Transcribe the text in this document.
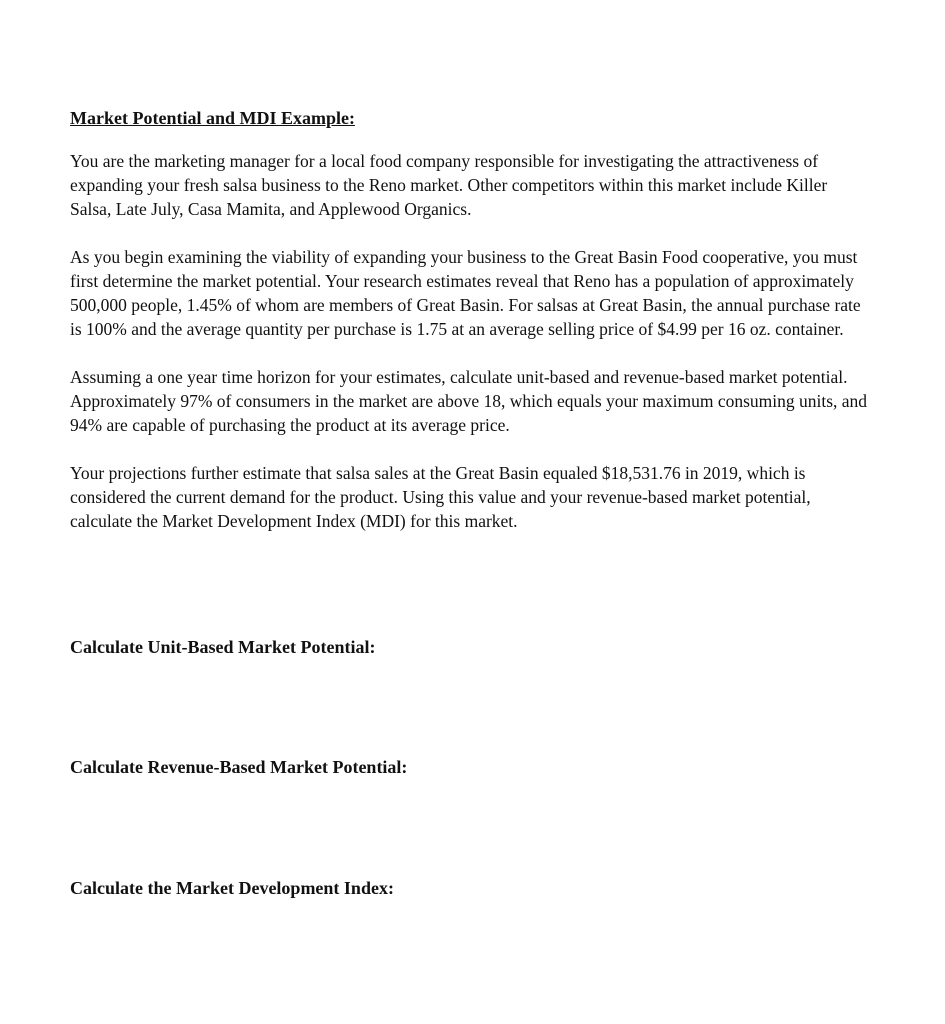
Market Potential and MDI Example:

You are the marketing manager for a local food company responsible for investigating the attractiveness of expanding your fresh salsa business to the Reno market. Other competitors within this market include Killer Salsa, Late July, Casa Mamita, and Applewood Organics.

As you begin examining the viability of expanding your business to the Great Basin Food cooperative, you must first determine the market potential. Your research estimates reveal that Reno has a population of approximately 500,000 people, 1.45% of whom are members of Great Basin. For salsas at Great Basin, the annual purchase rate is 100% and the average quantity per purchase is 1.75 at an average selling price of $4.99 per 16 oz. container.

Assuming a one year time horizon for your estimates, calculate unit-based and revenue-based market potential. Approximately 97% of consumers in the market are above 18, which equals your maximum consuming units, and 94% are capable of purchasing the product at its average price.

Your projections further estimate that salsa sales at the Great Basin equaled $18,531.76 in 2019, which is considered the current demand for the product. Using this value and your revenue-based market potential, calculate the Market Development Index (MDI) for this market.

Calculate Unit-Based Market Potential:
Calculate Revenue-Based Market Potential:
Calculate the Market Development Index:
